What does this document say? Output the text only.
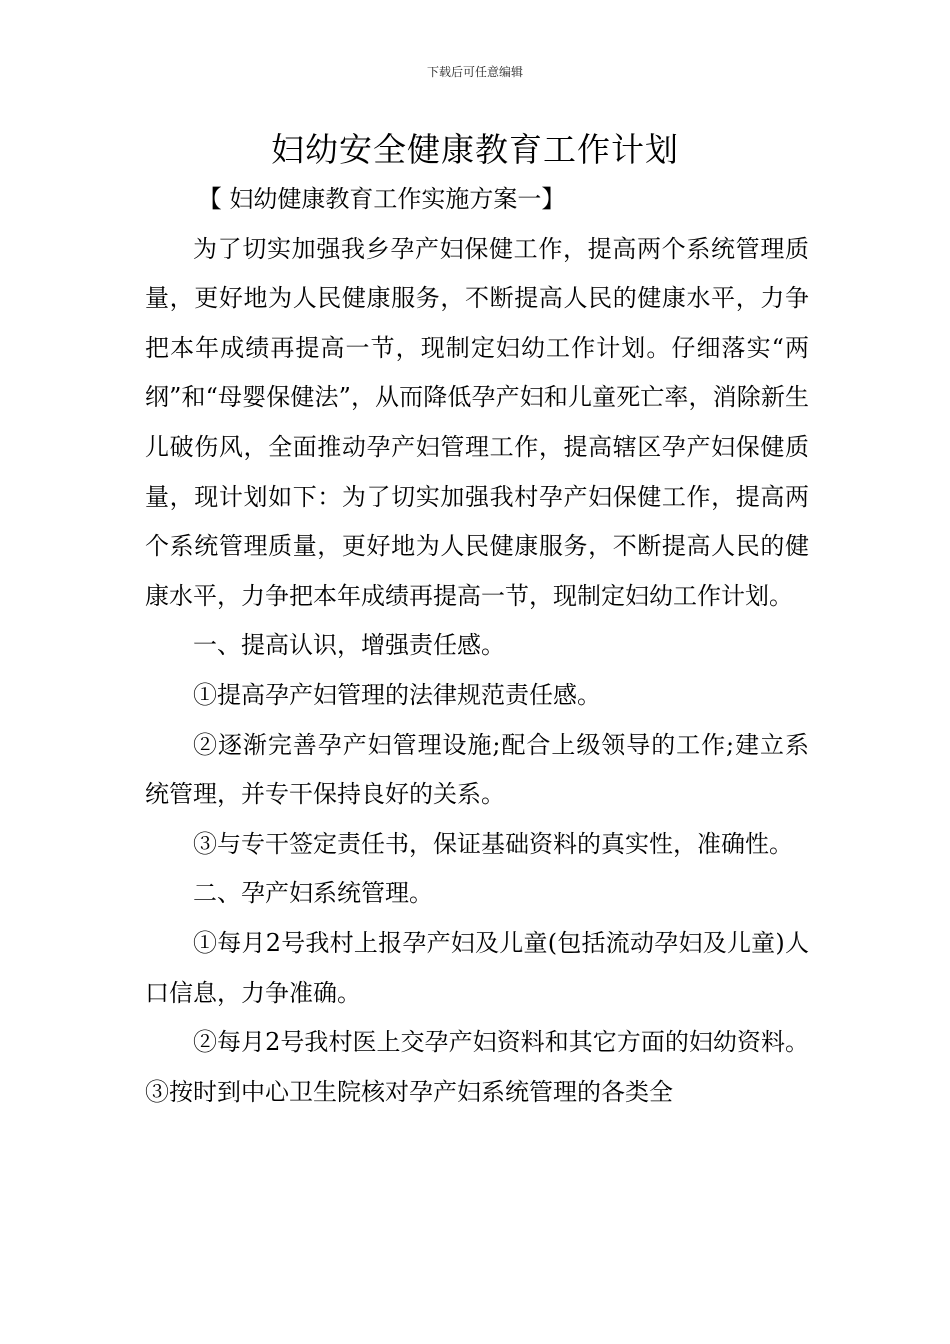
下载后可任意编辑
妇幼安全健康教育工作计划

【 妇幼健康教育工作实施方案一】

为了切实加强我乡孕产妇保健工作，提高两个系统管理质量，更好地为人民健康服务，不断提高人民的健康水平，力争把本年成绩再提高一节，现制定妇幼工作计划。仔细落实“两纲”和“母婴保健法”，从而降低孕产妇和儿童死亡率，消除新生儿破伤风，全面推动孕产妇管理工作，提高辖区孕产妇保健质量，现计划如下：为了切实加强我村孕产妇保健工作，提高两个系统管理质量，更好地为人民健康服务，不断提高人民的健康水平，力争把本年成绩再提高一节，现制定妇幼工作计划。

一、提高认识，增强责任感。

①提高孕产妇管理的法律规范责任感。

②逐渐完善孕产妇管理设施;配合上级领导的工作;建立系统管理，并专干保持良好的关系。

③与专干签定责任书，保证基础资料的真实性，准确性。

二、孕产妇系统管理。

①每月2号我村上报孕产妇及儿童(包括流动孕妇及儿童)人口信息，力争准确。

②每月2号我村医上交孕产妇资料和其它方面的妇幼资料。 ③按时到中心卫生院核对孕产妇系统管理的各类全
